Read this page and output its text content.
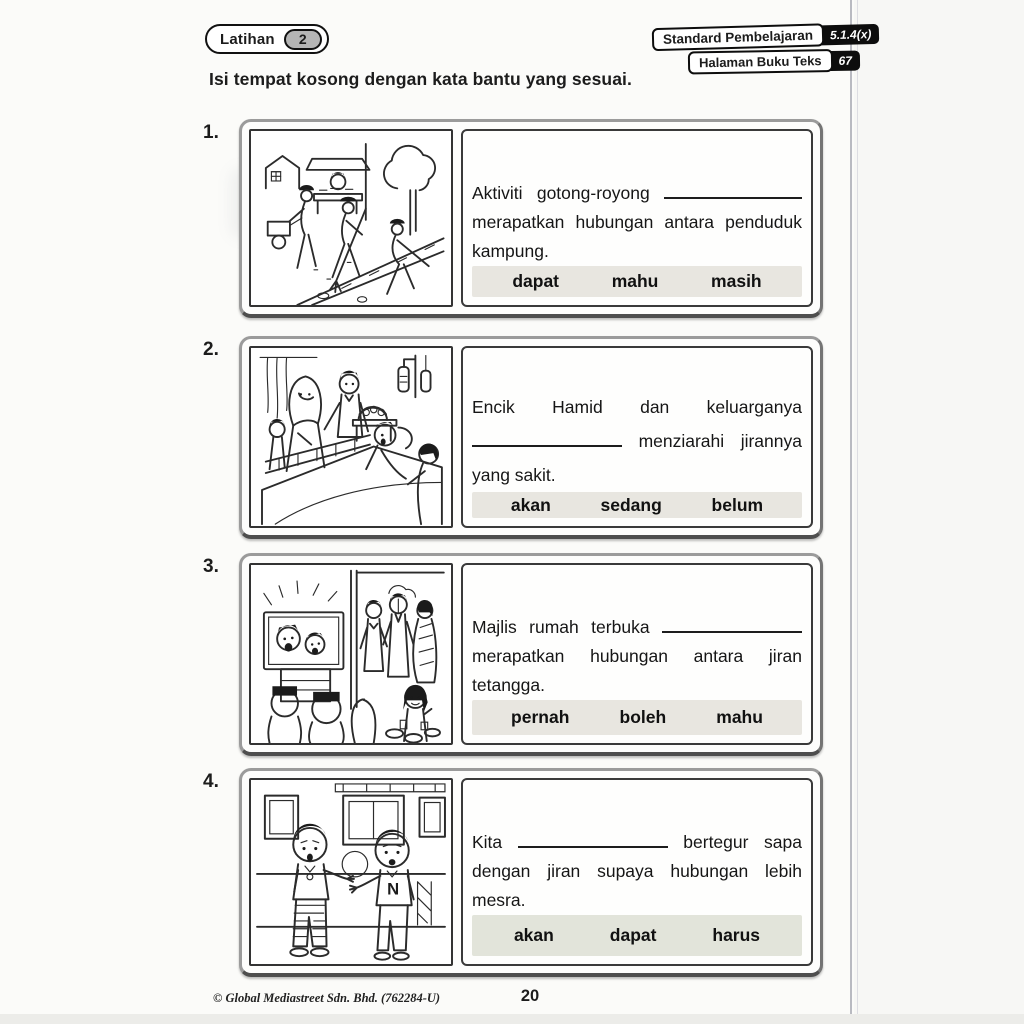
Latihan	2	Standard Pembelajaran	5.1.4(x)
Halaman Buku Teks	67
Isi tempat kosong dengan kata bantu yang sesuai.
1.

Aktiviti gotong-royong  merapatkan hubungan antara penduduk kampung.

dapat	mahu	masih
2.

Encik Hamid dan keluarganya  menziarahi jirannya yang sakit.

akan	sedang	belum
3.

Majlis rumah terbuka  merapatkan hubungan antara jiran tetangga.

pernah	boleh	mahu
4.
N

Kita	bertegur sapa dengan jiran supaya hubungan lebih mesra.

akan	dapat	harus
© Global Mediastreet Sdn. Bhd. (762284-U)	20
